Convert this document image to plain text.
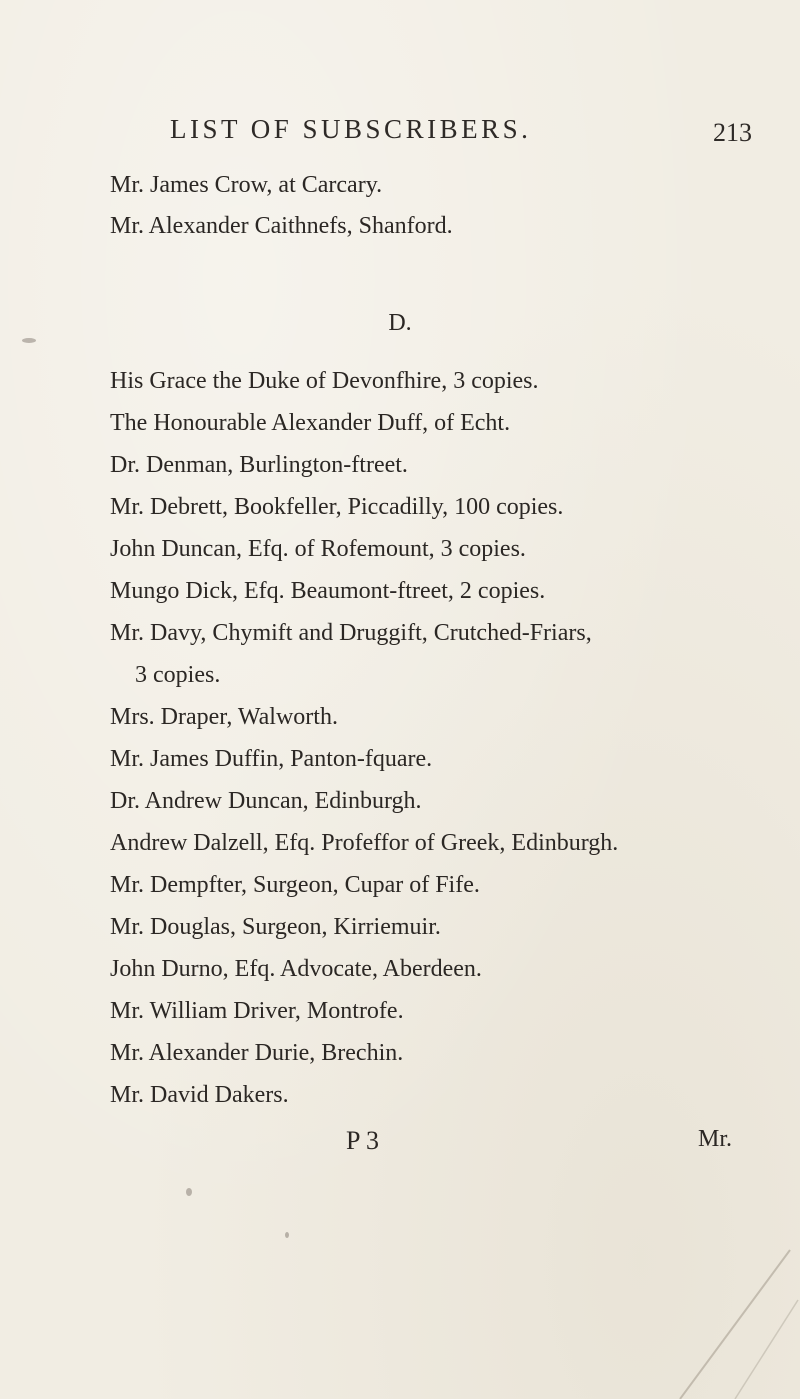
LIST OF SUBSCRIBERS.	213
Mr. James Crow, at Carcary.
Mr. Alexander Caithnefs, Shanford.
D.
His Grace the Duke of Devonfhire, 3 copies.
The Honourable Alexander Duff, of Echt.
Dr. Denman, Burlington-ftreet.
Mr. Debrett, Bookfeller, Piccadilly, 100 copies.
John Duncan, Efq. of Rofemount, 3 copies.
Mungo Dick, Efq. Beaumont-ftreet, 2 copies.
Mr. Davy, Chymift and Druggift, Crutched-Friars,
3 copies.
Mrs. Draper, Walworth.
Mr. James Duffin, Panton-fquare.
Dr. Andrew Duncan, Edinburgh.
Andrew Dalzell, Efq. Profeffor of Greek, Edinburgh.
Mr. Dempfter, Surgeon, Cupar of Fife.
Mr. Douglas, Surgeon, Kirriemuir.
John Durno, Efq. Advocate, Aberdeen.
Mr. William Driver, Montrofe.
Mr. Alexander Durie, Brechin.
Mr. David Dakers.
P 3	Mr.
